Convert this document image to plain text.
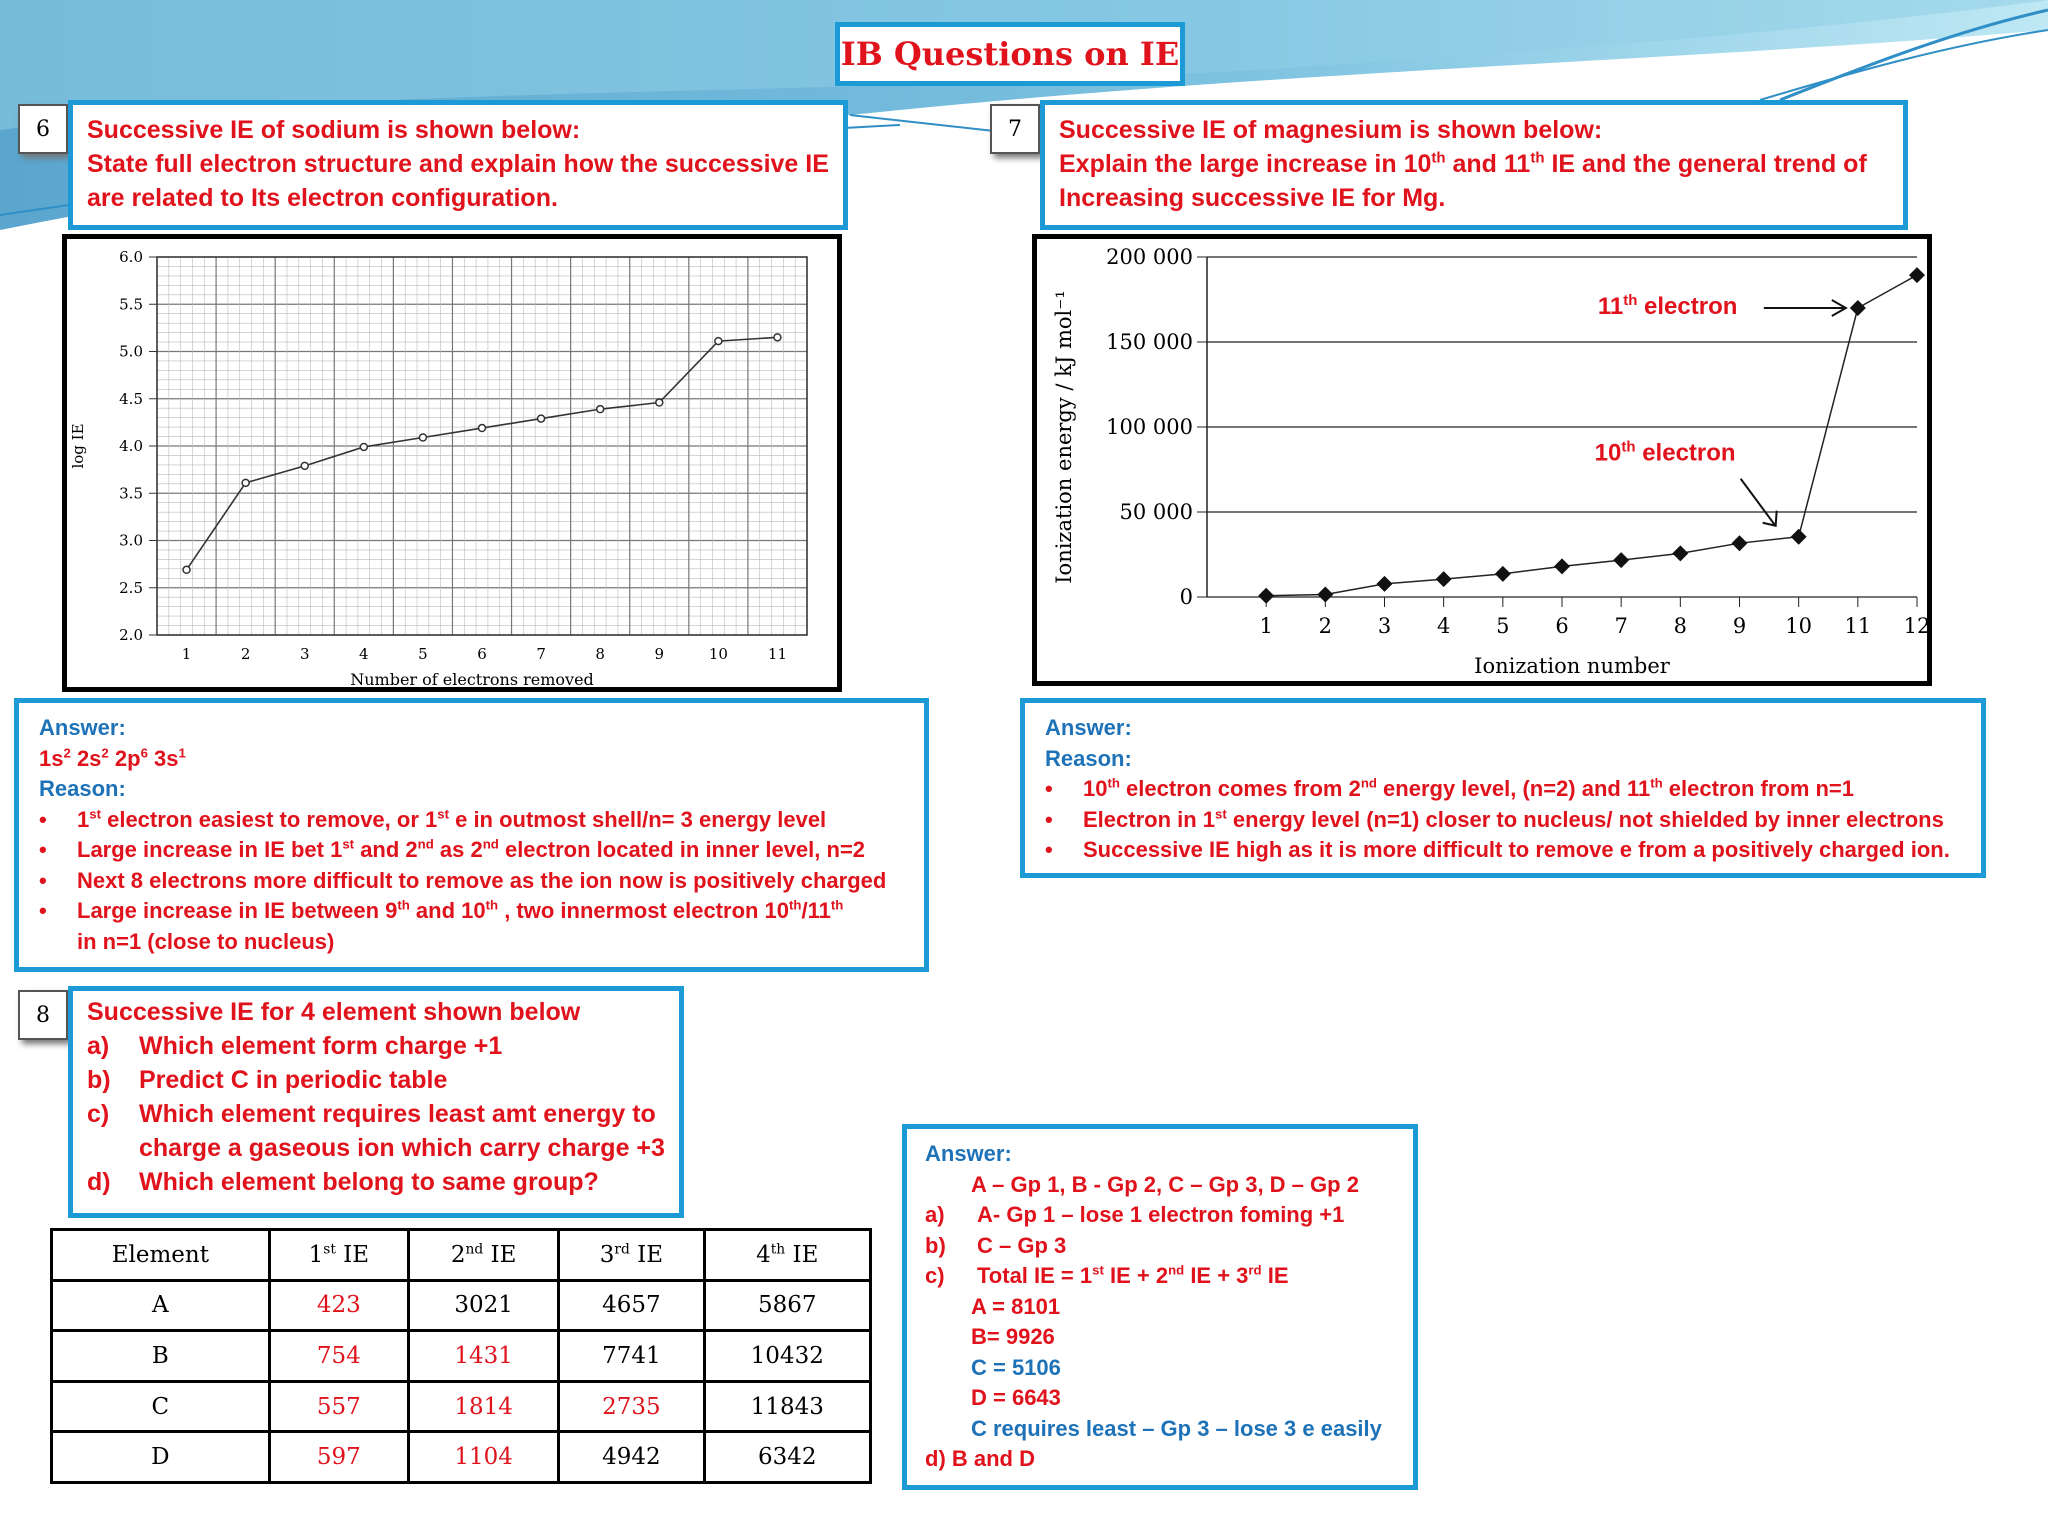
IB Questions on IE
6	Successive IE of sodium is shown below:
State full electron structure and explain how the successive IE
are related to Its electron configuration.
7	Successive IE of magnesium is shown below:
Explain the large increase in 10th and 11th IE and the general trend of
Increasing successive IE for Mg.
2.0
2.5
3.0
3.5
4.0
4.5
5.0
5.5
6.0
1	2	3	4	5	6	7	8	9	10	11
Number of electrons removed
log IE
0
50 000
100 000
150 000
200 000
1 2 3 4 5 6 7 8 9 10 11 12
Ionization number
Ionization energy / kJ mol⁻¹	11th electron
10th electron
Answer:
$1s^2$ $2s^2$ $2p^6$ $3s^1$
Reason:
• 1st electron easiest to remove, or 1st e in outmost shell/n= 3 energy level
• Large increase in IE bet 1st and 2nd as 2nd electron located in inner level, n=2
• Next 8 electrons more difficult to remove as the ion now is positively charged
• Large increase in IE between 9th and 10th , two innermost electron 10th/11th
in n=1 (close to nucleus)
Answer:
Reason:
• 10th electron comes from 2nd energy level, (n=2) and 11th electron from n=1
• Electron in 1st energy level (n=1) closer to nucleus/ not shielded by inner electrons
• Successive IE high as it is more difficult to remove e from a positively charged ion.
8	Successive IE for 4 element shown below
a)	Which element form charge +1
b)	Predict C in periodic table
c)	Which element requires least amt energy to
charge a gaseous ion which carry charge +3
d)	Which element belong to same group?
Element	1st IE	2nd IE	3rd IE	4th IE
A	423	3021	4657	5867
B	754	1431	7741	10432
C	557	1814	2735	11843
D	597	1104	4942	6342
Answer:
A – Gp 1, B - Gp 2, C – Gp 3, D – Gp 2
a)	A- Gp 1 – lose 1 electron foming +1
b)	C – Gp 3
c)	Total IE = 1st IE + 2nd IE + 3rd IE
A = 8101
B= 9926
C = 5106
D = 6643
C requires least – Gp 3 – lose 3 e easily
d) B and D
